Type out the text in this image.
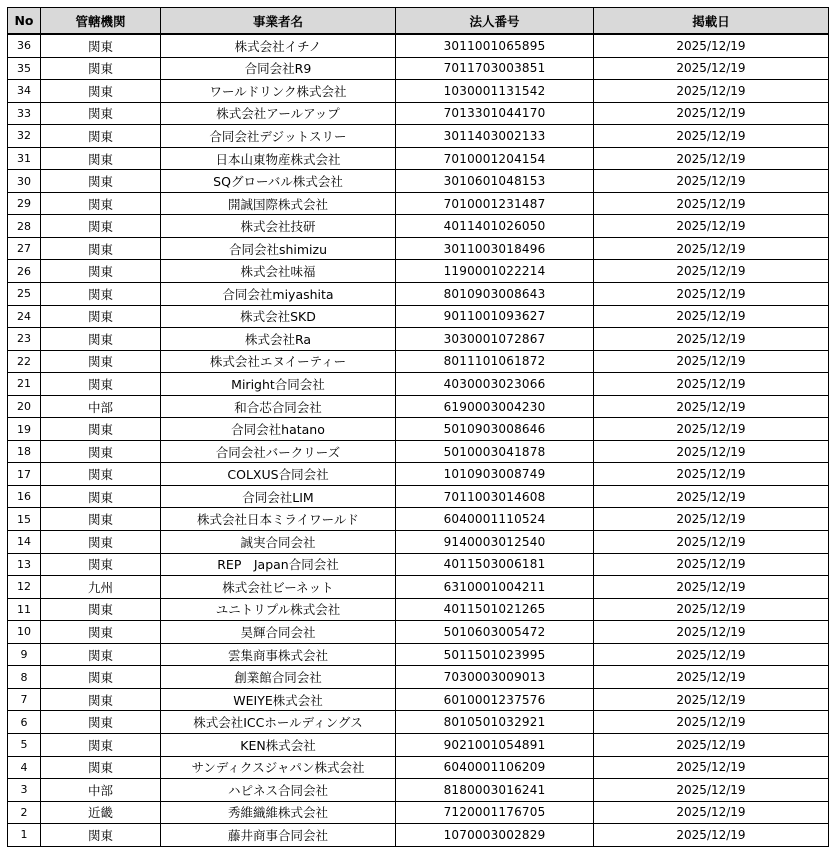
No	管轄機関	事業者名	法人番号	掲載日
36	関東	株式会社イチノ	3011001065895	2025/12/19
35	関東	合同会社R9	7011703003851	2025/12/19
34	関東	ワールドリンク株式会社	1030001131542	2025/12/19
33	関東	株式会社アールアップ	7013301044170	2025/12/19
32	関東	合同会社デジットスリー	3011403002133	2025/12/19
31	関東	日本山東物産株式会社	7010001204154	2025/12/19
30	関東	SQグローバル株式会社	3010601048153	2025/12/19
29	関東	開誠国際株式会社	7010001231487	2025/12/19
28	関東	株式会社技研	4011401026050	2025/12/19
27	関東	合同会社shimizu	3011003018496	2025/12/19
26	関東	株式会社味福	1190001022214	2025/12/19
25	関東	合同会社miyashita	8010903008643	2025/12/19
24	関東	株式会社SKD	9011001093627	2025/12/19
23	関東	株式会社Ra	3030001072867	2025/12/19
22	関東	株式会社エヌイーティー	8011101061872	2025/12/19
21	関東	Miright合同会社	4030003023066	2025/12/19
20	中部	和合芯合同会社	6190003004230	2025/12/19
19	関東	合同会社hatano	5010903008646	2025/12/19
18	関東	合同会社バークリーズ	5010003041878	2025/12/19
17	関東	COLXUS合同会社	1010903008749	2025/12/19
16	関東	合同会社LIM	7011003014608	2025/12/19
15	関東	株式会社日本ミライワールド	6040001110524	2025/12/19
14	関東	誠実合同会社	9140003012540	2025/12/19
13	関東	REP　Japan合同会社	4011503006181	2025/12/19
12	九州	株式会社ビーネット	6310001004211	2025/12/19
11	関東	ユニトリプル株式会社	4011501021265	2025/12/19
10	関東	昊輝合同会社	5010603005472	2025/12/19
9	関東	雲集商事株式会社	5011501023995	2025/12/19
8	関東	創業館合同会社	7030003009013	2025/12/19
7	関東	WEIYE株式会社	6010001237576	2025/12/19
6	関東	株式会社ICCホールディングス	8010501032921	2025/12/19
5	関東	KEN株式会社	9021001054891	2025/12/19
4	関東	サンディクスジャパン株式会社	6040001106209	2025/12/19
3	中部	ハピネス合同会社	8180003016241	2025/12/19
2	近畿	秀維織維株式会社	7120001176705	2025/12/19
1	関東	藤井商事合同会社	1070003002829	2025/12/19
